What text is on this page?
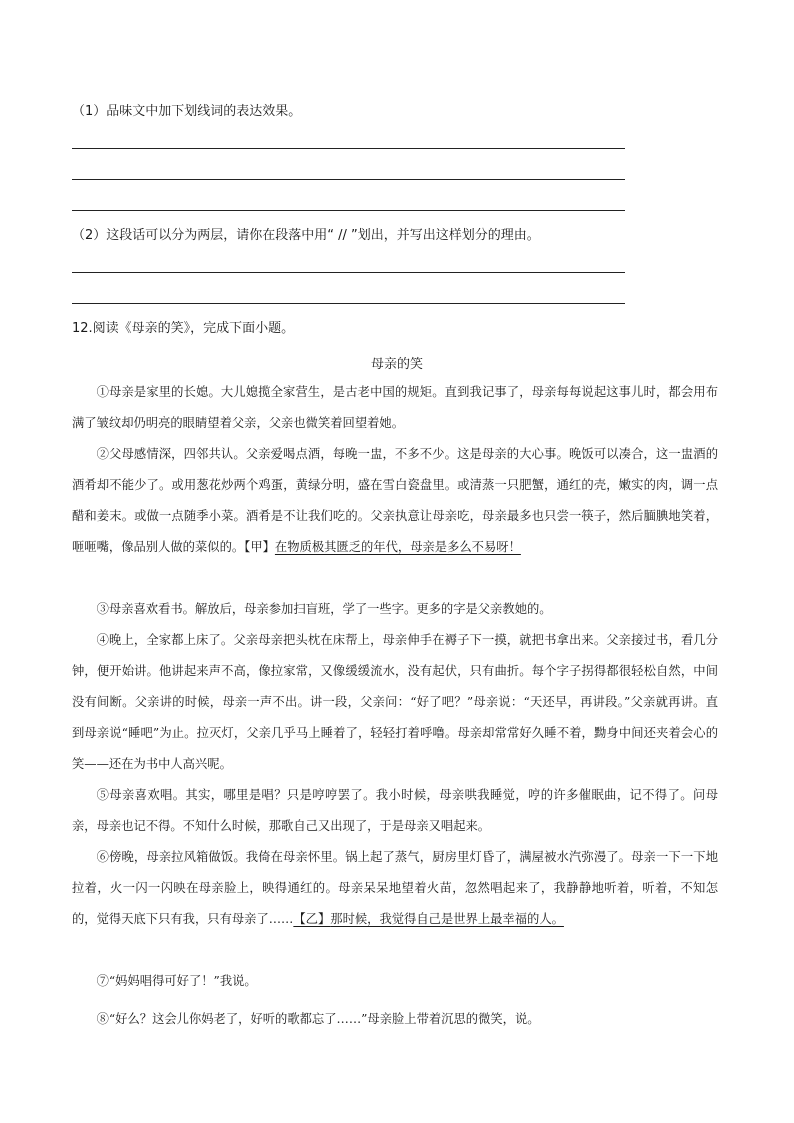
（1）品味文中加下划线词的表达效果。
（2）这段话可以分为两层，请你在段落中用“ // ”划出，并写出这样划分的理由。
12.阅读《母亲的笑》，完成下面小题。
母亲的笑
①母亲是家里的长媳。大儿媳揽全家营生，是古老中国的规矩。直到我记事了，母亲每每说起这事儿时，都会用布满了皱纹却仍明亮的眼睛望着父亲，父亲也微笑着回望着她。
②父母感情深，四邻共认。父亲爱喝点酒，每晚一盅，不多不少。这是母亲的大心事。晚饭可以凑合，这一盅酒的酒肴却不能少了。或用葱花炒两个鸡蛋，黄绿分明，盛在雪白瓷盘里。或清蒸一只肥蟹，通红的壳，嫩实的肉，调一点醋和姜末。或做一点随季小菜。酒肴是不让我们吃的。父亲执意让母亲吃，母亲最多也只尝一筷子，然后腼腆地笑着，咂咂嘴，像品别人做的菜似的。【甲】在物质极其匮乏的年代，母亲是多么不易呀！
③母亲喜欢看书。解放后，母亲参加扫盲班，学了一些字。更多的字是父亲教她的。
④晚上，全家都上床了。父亲母亲把头枕在床帮上，母亲伸手在褥子下一摸，就把书拿出来。父亲接过书，看几分钟，便开始讲。他讲起来声不高，像拉家常，又像缓缓流水，没有起伏，只有曲折。每个字子拐得都很轻松自然，中间没有间断。父亲讲的时候，母亲一声不出。讲一段，父亲问：“好了吧？”母亲说：“天还早，再讲段。”父亲就再讲。直到母亲说“睡吧”为止。拉灭灯，父亲几乎马上睡着了，轻轻打着呼噜。母亲却常常好久睡不着，黝身中间还夹着会心的笑——还在为书中人高兴呢。
⑤母亲喜欢唱。其实，哪里是唱？只是哼哼罢了。我小时候，母亲哄我睡觉，哼的许多催眠曲，记不得了。问母亲，母亲也记不得。不知什么时候，那歌自己又出现了，于是母亲又唱起来。
⑥傍晚，母亲拉风箱做饭。我倚在母亲怀里。锅上起了蒸气，厨房里灯昏了，满屋被水汽弥漫了。母亲一下一下地拉着，火一闪一闪映在母亲脸上，映得通红的。母亲呆呆地望着火苗，忽然唱起来了，我静静地听着，听着，不知怎的，觉得天底下只有我，只有母亲了……【乙】那时候，我觉得自己是世界上最幸福的人。
⑦“妈妈唱得可好了！”我说。
⑧“好么？这会儿你妈老了，好听的歌都忘了……”母亲脸上带着沉思的微笑，说。
